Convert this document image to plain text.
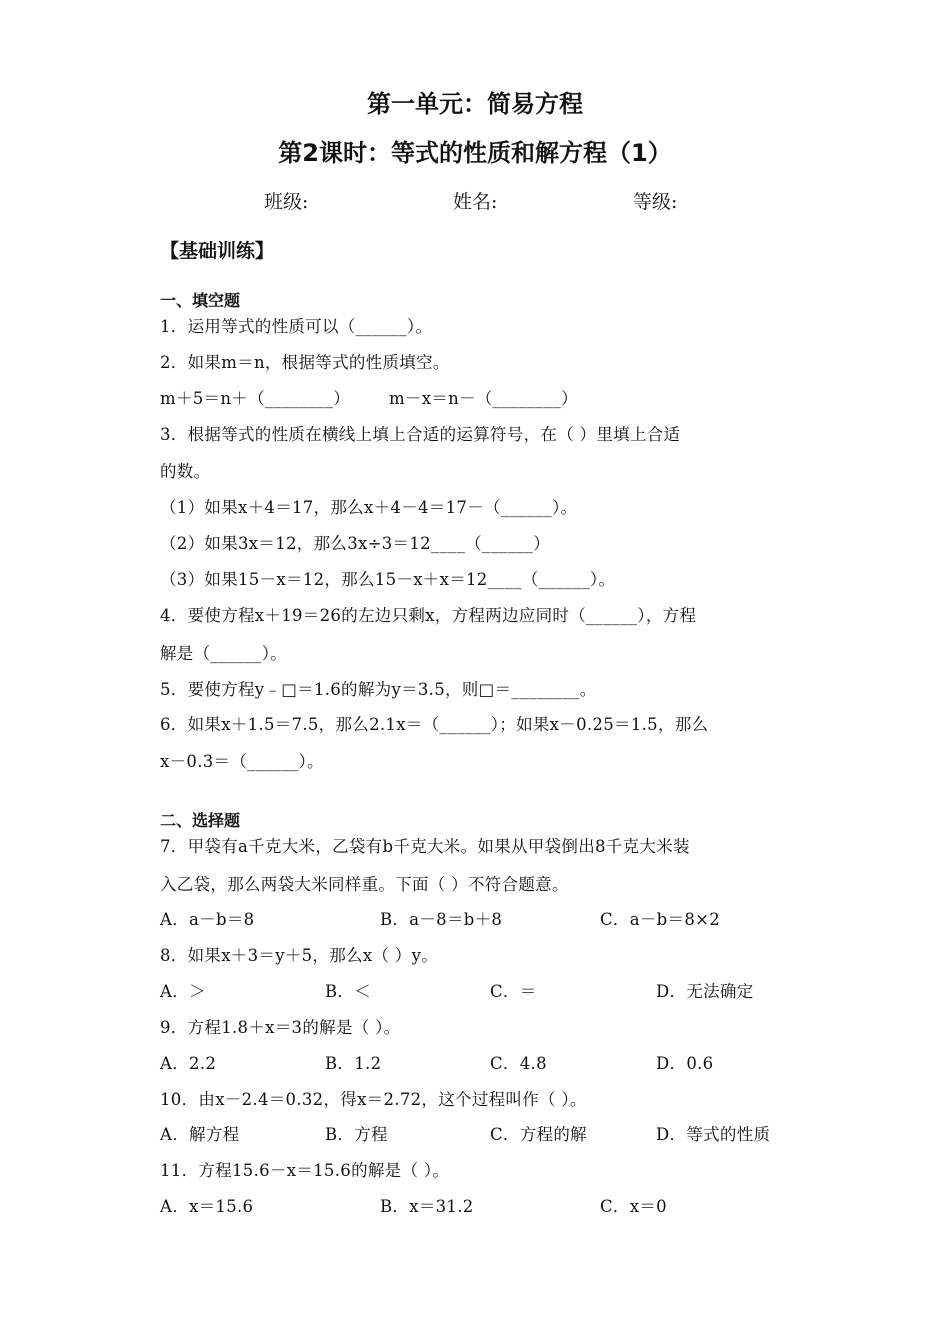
第一单元：简易方程
第2课时：等式的性质和解方程（1）
班级:	姓名:	等级:
【基础训练】
一、填空题
1．运用等式的性质可以（______）。
2．如果m＝n，根据等式的性质填空。
m＋5＝n＋（________） m－x＝n－（________）
3．根据等式的性质在横线上填上合适的运算符号，在（ ）里填上合适
的数。
（1）如果x＋4＝17，那么x＋4－4＝17－（______）。
（2）如果3x＝12，那么3x÷3＝12____（______）
（3）如果15－x＝12，那么15－x＋x＝12____（______）。
4．要使方程x＋19＝26的左边只剩x，方程两边应同时（______），方程
解是（______）。
5．要使方程y﹣□＝1.6的解为y＝3.5，则□＝________。
6．如果x＋1.5＝7.5，那么2.1x＝（______）；如果x－0.25＝1.5，那么
x－0.3＝（______）。
二、选择题
7．甲袋有a千克大米，乙袋有b千克大米。如果从甲袋倒出8千克大米装
入乙袋，那么两袋大米同样重。下面（ ）不符合题意。
A．a－b＝8	B．a－8＝b＋8	C．a－b＝8×2
8．如果x＋3＝y＋5，那么x（ ）y。
A．＞	B．＜	C．＝	D．无法确定
9．方程1.8＋x＝3的解是（ ）。
A．2.2	B．1.2	C．4.8	D．0.6
10．由x－2.4＝0.32，得x＝2.72，这个过程叫作（ ）。
A．解方程	B．方程	C．方程的解	D．等式的性质
11．方程15.6－x＝15.6的解是（ ）。
A．x＝15.6	B．x＝31.2	C．x＝0
